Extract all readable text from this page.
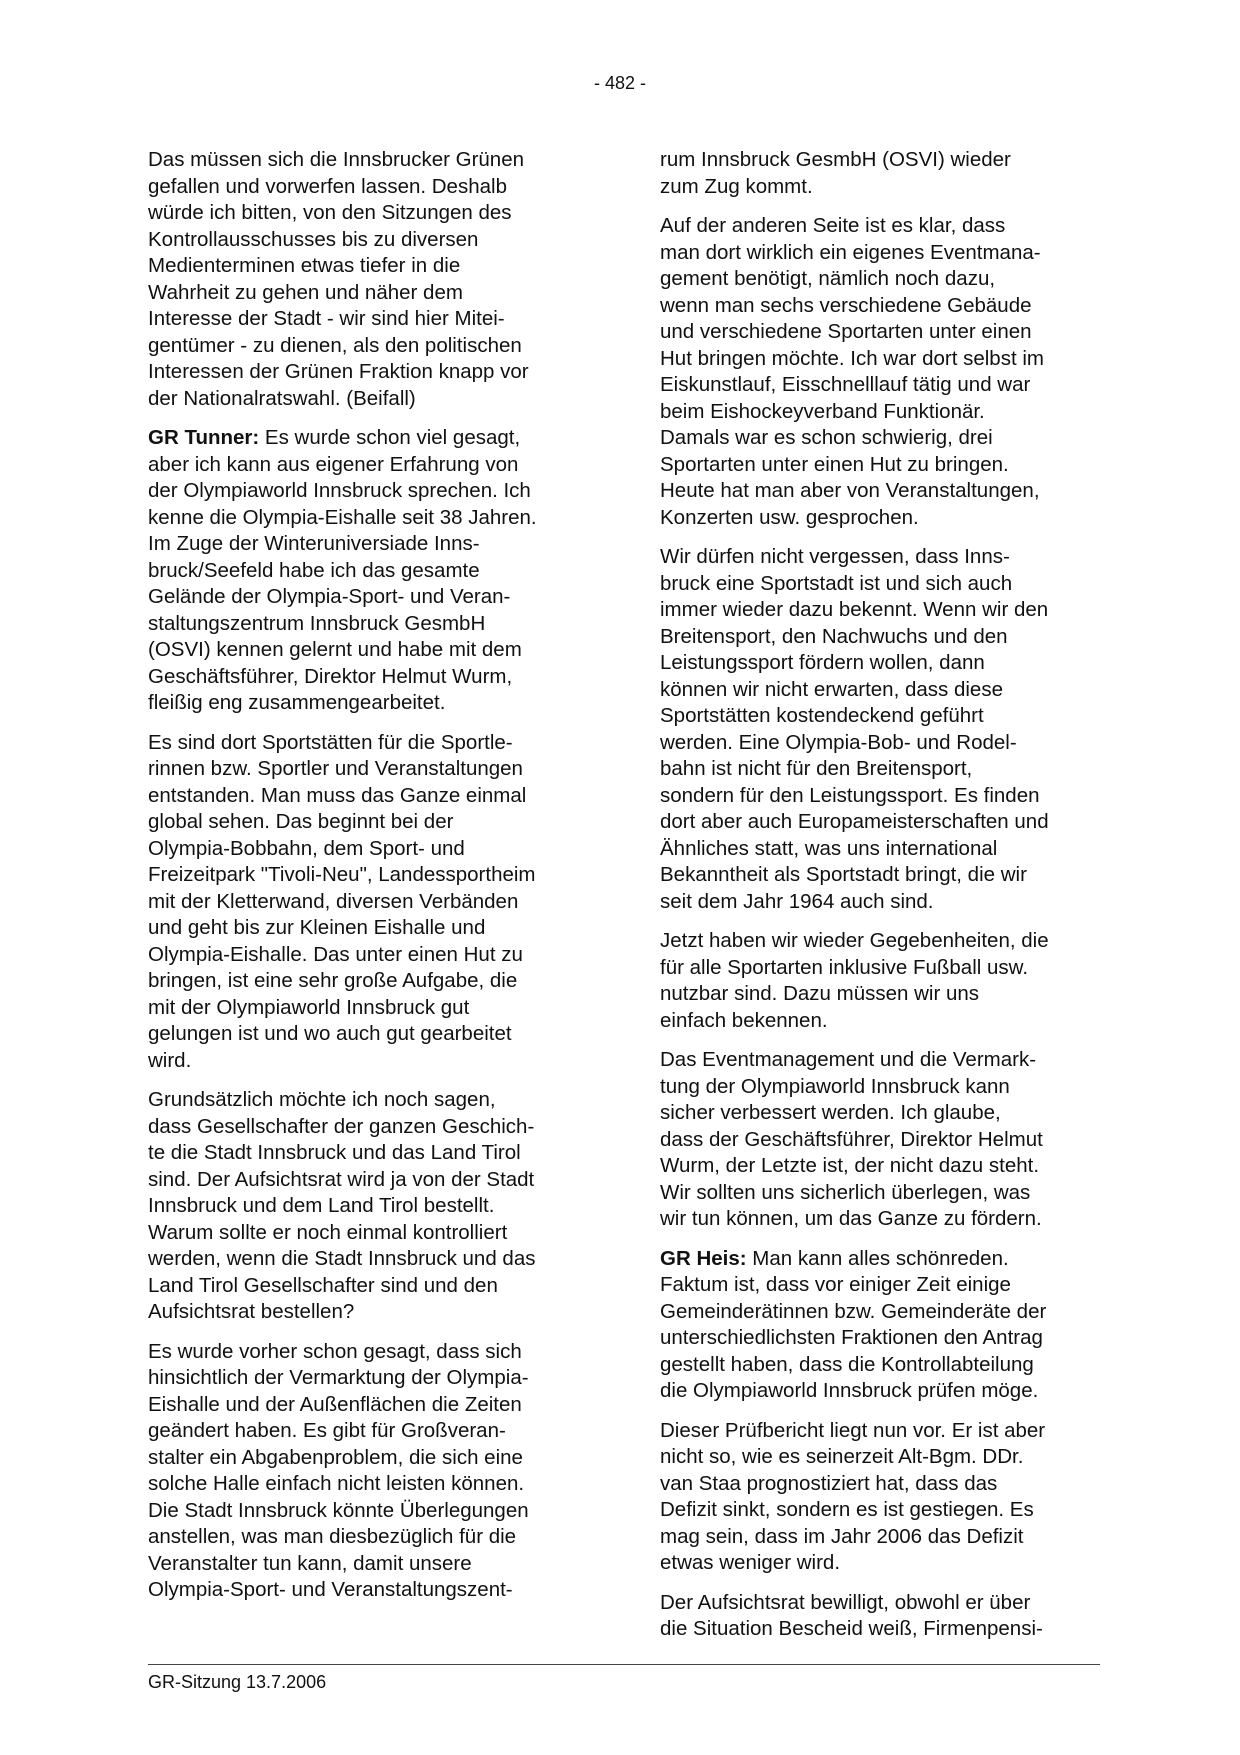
- 482 -

Das müssen sich die Innsbrucker Grünen
gefallen und vorwerfen lassen. Deshalb
würde ich bitten, von den Sitzungen des
Kontrollausschusses bis zu diversen
Medienterminen etwas tiefer in die
Wahrheit zu gehen und näher dem
Interesse der Stadt - wir sind hier Mitei-
gentümer - zu dienen, als den politischen
Interessen der Grünen Fraktion knapp vor
der Nationalratswahl. (Beifall)

GR Tunner: Es wurde schon viel gesagt,
aber ich kann aus eigener Erfahrung von
der Olympiaworld Innsbruck sprechen. Ich
kenne die Olympia-Eishalle seit 38 Jahren.
Im Zuge der Winteruniversiade Inns-
bruck/Seefeld habe ich das gesamte
Gelände der Olympia-Sport- und Veran-
staltungszentrum Innsbruck GesmbH
(OSVI) kennen gelernt und habe mit dem
Geschäftsführer, Direktor Helmut Wurm,
fleißig eng zusammengearbeitet.

Es sind dort Sportstätten für die Sportle-
rinnen bzw. Sportler und Veranstaltungen
entstanden. Man muss das Ganze einmal
global sehen. Das beginnt bei der
Olympia-Bobbahn, dem Sport- und
Freizeitpark "Tivoli-Neu", Landessportheim
mit der Kletterwand, diversen Verbänden
und geht bis zur Kleinen Eishalle und
Olympia-Eishalle. Das unter einen Hut zu
bringen, ist eine sehr große Aufgabe, die
mit der Olympiaworld Innsbruck gut
gelungen ist und wo auch gut gearbeitet
wird.

Grundsätzlich möchte ich noch sagen,
dass Gesellschafter der ganzen Geschich-
te die Stadt Innsbruck und das Land Tirol
sind. Der Aufsichtsrat wird ja von der Stadt
Innsbruck und dem Land Tirol bestellt.
Warum sollte er noch einmal kontrolliert
werden, wenn die Stadt Innsbruck und das
Land Tirol Gesellschafter sind und den
Aufsichtsrat bestellen?

Es wurde vorher schon gesagt, dass sich
hinsichtlich der Vermarktung der Olympia-
Eishalle und der Außenflächen die Zeiten
geändert haben. Es gibt für Großveran-
stalter ein Abgabenproblem, die sich eine
solche Halle einfach nicht leisten können.
Die Stadt Innsbruck könnte Überlegungen
anstellen, was man diesbezüglich für die
Veranstalter tun kann, damit unsere
Olympia-Sport- und Veranstaltungszent-

rum Innsbruck GesmbH (OSVI) wieder
zum Zug kommt.

Auf der anderen Seite ist es klar, dass
man dort wirklich ein eigenes Eventmana-
gement benötigt, nämlich noch dazu,
wenn man sechs verschiedene Gebäude
und verschiedene Sportarten unter einen
Hut bringen möchte. Ich war dort selbst im
Eiskunstlauf, Eisschnelllauf tätig und war
beim Eishockeyverband Funktionär.
Damals war es schon schwierig, drei
Sportarten unter einen Hut zu bringen.
Heute hat man aber von Veranstaltungen,
Konzerten usw. gesprochen.

Wir dürfen nicht vergessen, dass Inns-
bruck eine Sportstadt ist und sich auch
immer wieder dazu bekennt. Wenn wir den
Breitensport, den Nachwuchs und den
Leistungssport fördern wollen, dann
können wir nicht erwarten, dass diese
Sportstätten kostendeckend geführt
werden. Eine Olympia-Bob- und Rodel-
bahn ist nicht für den Breitensport,
sondern für den Leistungssport. Es finden
dort aber auch Europameisterschaften und
Ähnliches statt, was uns international
Bekanntheit als Sportstadt bringt, die wir
seit dem Jahr 1964 auch sind.

Jetzt haben wir wieder Gegebenheiten, die
für alle Sportarten inklusive Fußball usw.
nutzbar sind. Dazu müssen wir uns
einfach bekennen.

Das Eventmanagement und die Vermark-
tung der Olympiaworld Innsbruck kann
sicher verbessert werden. Ich glaube,
dass der Geschäftsführer, Direktor Helmut
Wurm, der Letzte ist, der nicht dazu steht.
Wir sollten uns sicherlich überlegen, was
wir tun können, um das Ganze zu fördern.

GR Heis: Man kann alles schönreden.
Faktum ist, dass vor einiger Zeit einige
Gemeinderätinnen bzw. Gemeinderäte der
unterschiedlichsten Fraktionen den Antrag
gestellt haben, dass die Kontrollabteilung
die Olympiaworld Innsbruck prüfen möge.

Dieser Prüfbericht liegt nun vor. Er ist aber
nicht so, wie es seinerzeit Alt-Bgm. DDr.
van Staa prognostiziert hat, dass das
Defizit sinkt, sondern es ist gestiegen. Es
mag sein, dass im Jahr 2006 das Defizit
etwas weniger wird.

Der Aufsichtsrat bewilligt, obwohl er über
die Situation Bescheid weiß, Firmenpensi-

GR-Sitzung 13.7.2006
